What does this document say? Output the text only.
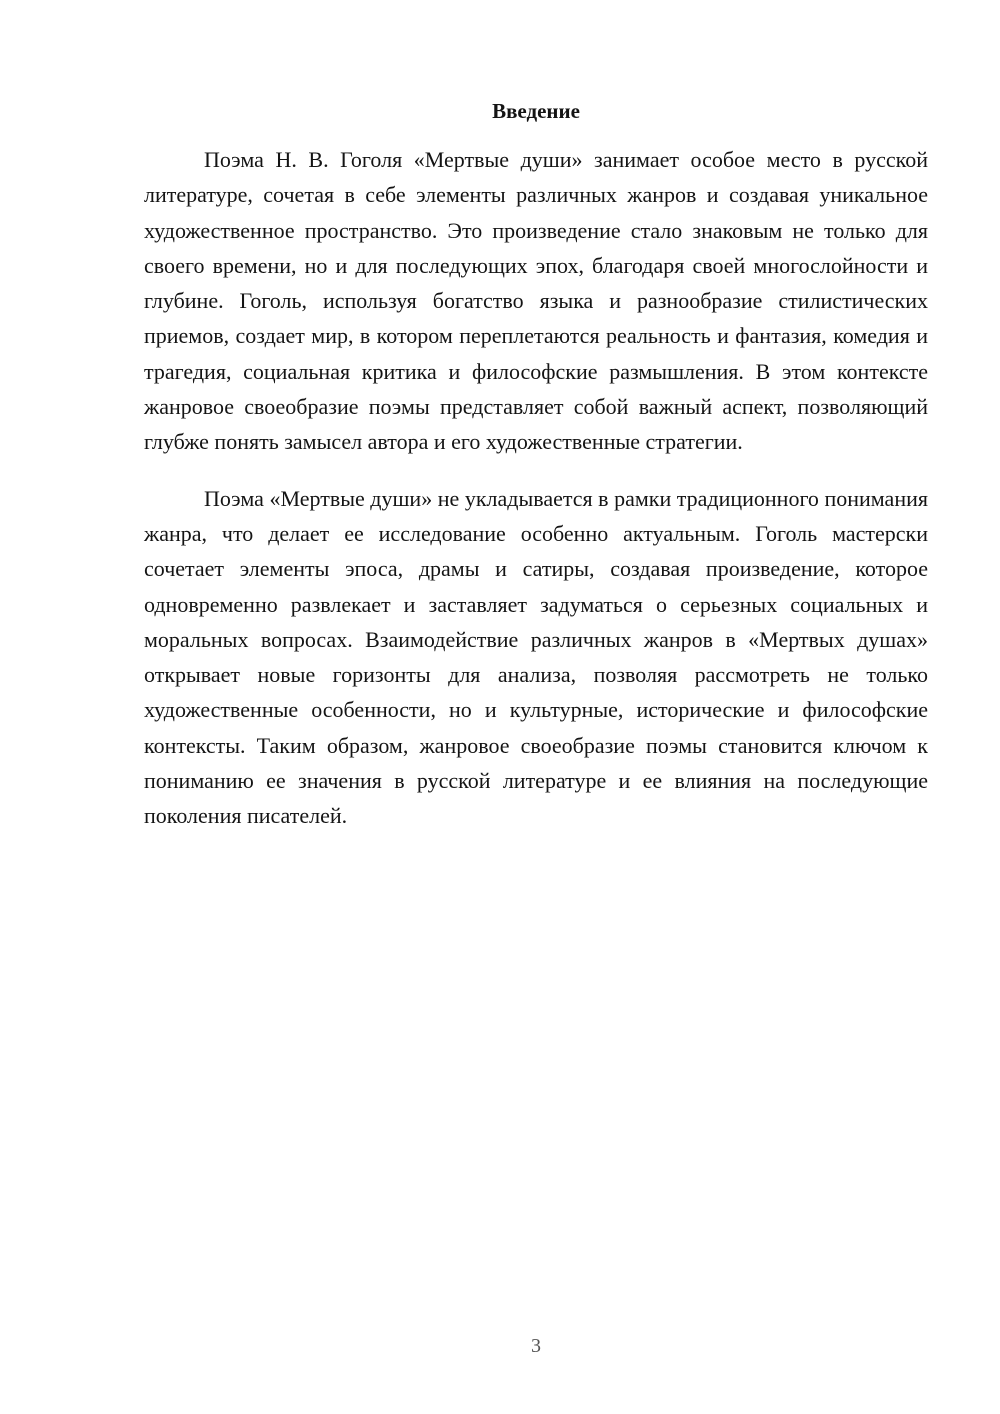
Введение

Поэма Н. В. Гоголя «Мертвые души» занимает особое место в русской литературе, сочетая в себе элементы различных жанров и создавая уникальное художественное пространство. Это произведение стало знаковым не только для своего времени, но и для последующих эпох, благодаря своей многослойности и глубине. Гоголь, используя богатство языка и разнообразие стилистических приемов, создает мир, в котором переплетаются реальность и фантазия, комедия и трагедия, социальная критика и философские размышления. В этом контексте жанровое своеобразие поэмы представляет собой важный аспект, позволяющий глубже понять замысел автора и его художественные стратегии.

Поэма «Мертвые души» не укладывается в рамки традиционного понимания жанра, что делает ее исследование особенно актуальным. Гоголь мастерски сочетает элементы эпоса, драмы и сатиры, создавая произведение, которое одновременно развлекает и заставляет задуматься о серьезных социальных и моральных вопросах. Взаимодействие различных жанров в «Мертвых душах» открывает новые горизонты для анализа, позволяя рассмотреть не только художественные особенности, но и культурные, исторические и философские контексты. Таким образом, жанровое своеобразие поэмы становится ключом к пониманию ее значения в русской литературе и ее влияния на последующие поколения писателей.

3
